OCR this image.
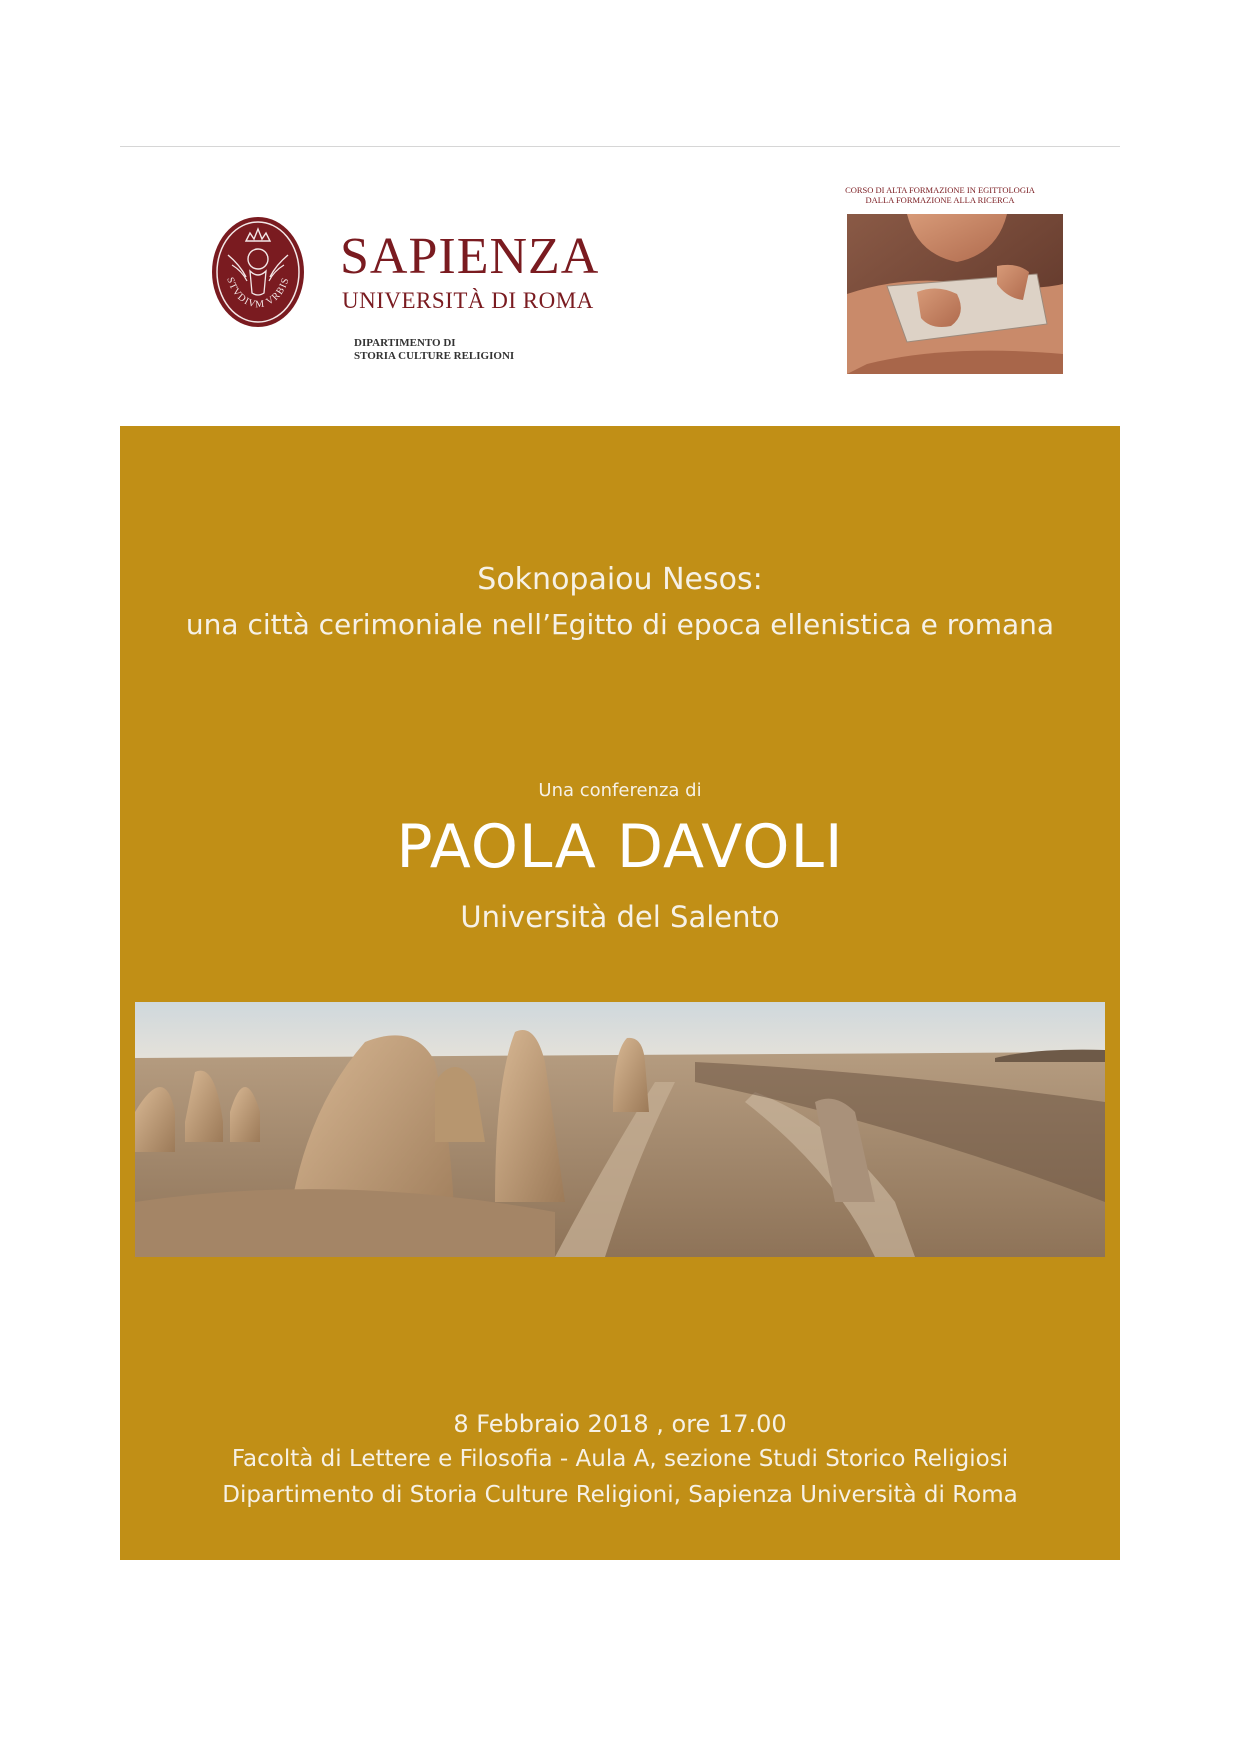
STVDIVM VRBIS SAPIENZA
UNIVERSITÀ DI ROMA
DIPARTIMENTO DI
STORIA CULTURE RELIGIONI
CORSO DI ALTA FORMAZIONE IN EGITTOLOGIA
DALLA FORMAZIONE ALLA RICERCA
Soknopaiou Nesos:
una città cerimoniale nell’Egitto di epoca ellenistica e romana
Una conferenza di
PAOLA DAVOLI
Università del Salento
8 Febbraio 2018 , ore 17.00
Facoltà di Lettere e Filosofia - Aula A, sezione Studi Storico Religiosi
Dipartimento di Storia Culture Religioni, Sapienza Università di Roma
